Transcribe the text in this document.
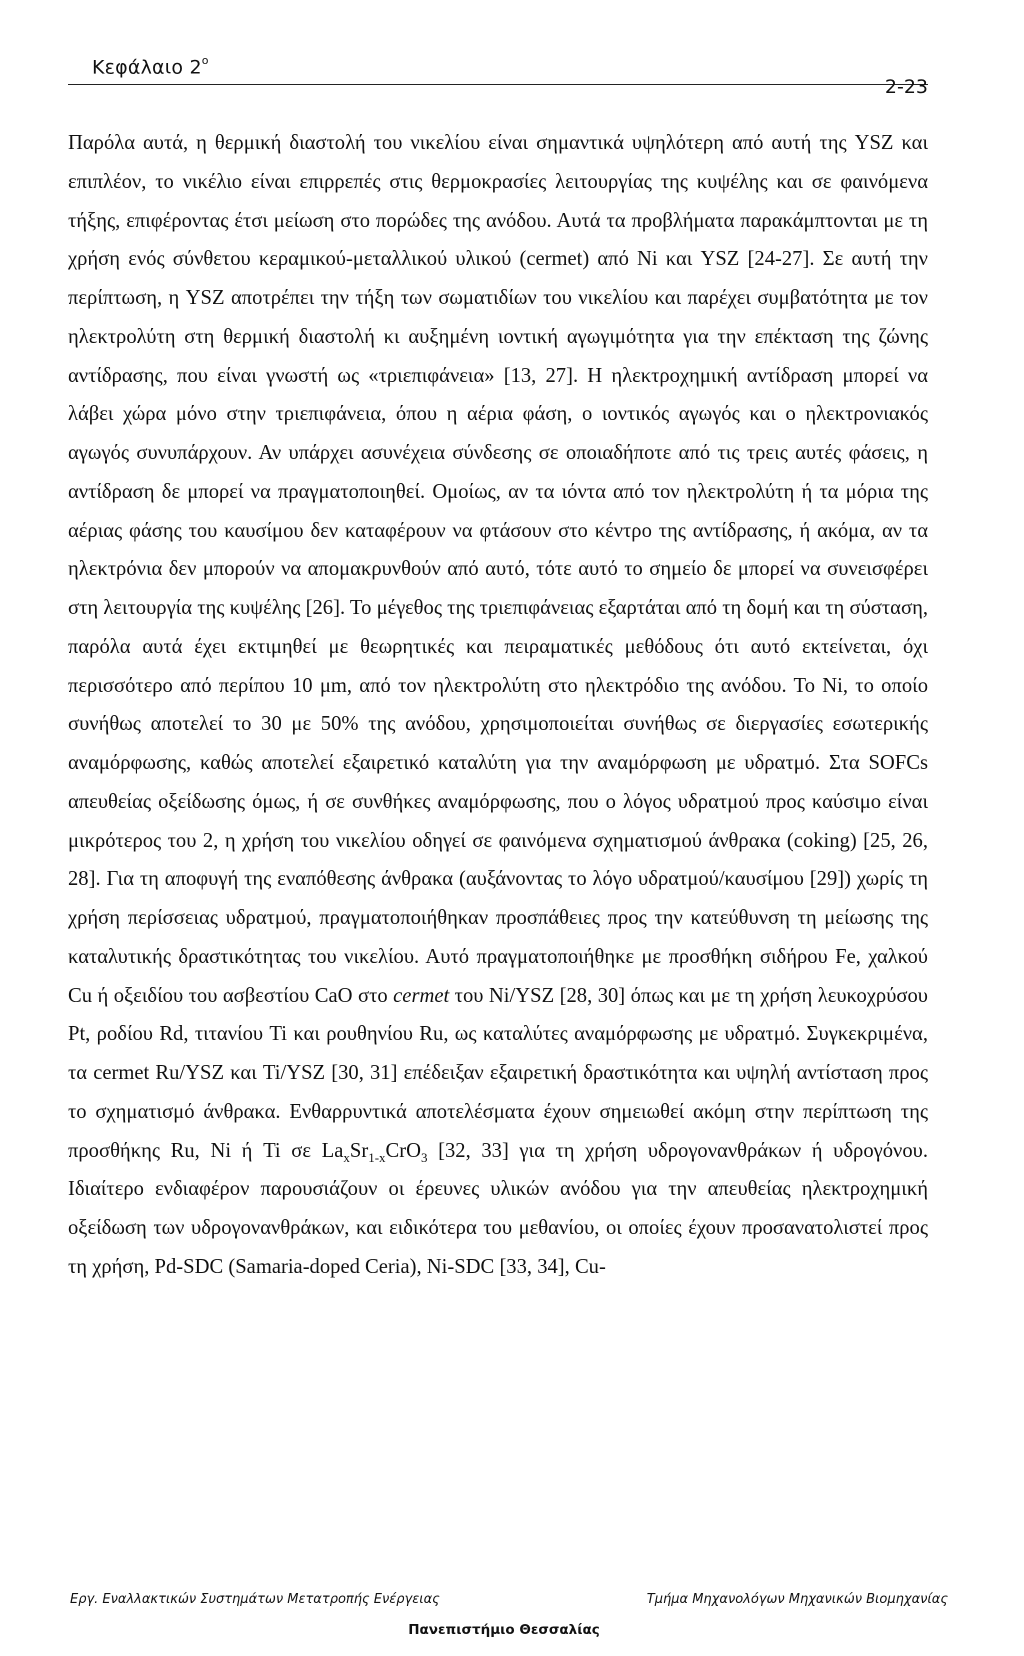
Κεφάλαιο $2^o$
2-23

Παρόλα αυτά, η θερμική διαστολή του νικελίου είναι σημαντικά υψηλότερη από αυτή της YSZ και επιπλέον, το νικέλιο είναι επιρρεπές στις θερμοκρασίες λειτουργίας της κυψέλης και σε φαινόμενα τήξης, επιφέροντας έτσι μείωση στο πορώδες της ανόδου. Αυτά τα προβλήματα παρακάμπτονται με τη χρήση ενός σύνθετου κεραμικού-μεταλλικού υλικού (cermet) από Ni και YSZ [24-27]. Σε αυτή την περίπτωση, η YSZ αποτρέπει την τήξη των σωματιδίων του νικελίου και παρέχει συμβατότητα με τον ηλεκτρολύτη στη θερμική διαστολή κι αυξημένη ιοντική αγωγιμότητα για την επέκταση της ζώνης αντίδρασης, που είναι γνωστή ως «τριεπιφάνεια» [13, 27]. Η ηλεκτροχημική αντίδραση μπορεί να λάβει χώρα μόνο στην τριεπιφάνεια, όπου η αέρια φάση, ο ιοντικός αγωγός και ο ηλεκτρονιακός αγωγός συνυπάρχουν. Αν υπάρχει ασυνέχεια σύνδεσης σε οποιαδήποτε από τις τρεις αυτές φάσεις, η αντίδραση δε μπορεί να πραγματοποιηθεί. Ομοίως, αν τα ιόντα από τον ηλεκτρολύτη ή τα μόρια της αέριας φάσης του καυσίμου δεν καταφέρουν να φτάσουν στο κέντρο της αντίδρασης, ή ακόμα, αν τα ηλεκτρόνια δεν μπορούν να απομακρυνθούν από αυτό, τότε αυτό το σημείο δε μπορεί να συνεισφέρει στη λειτουργία της κυψέλης [26]. Το μέγεθος της τριεπιφάνειας εξαρτάται από τη δομή και τη σύσταση, παρόλα αυτά έχει εκτιμηθεί με θεωρητικές και πειραματικές μεθόδους ότι αυτό εκτείνεται, όχι περισσότερο από περίπου 10 μm, από τον ηλεκτρολύτη στο ηλεκτρόδιο της ανόδου. Το Ni, το οποίο συνήθως αποτελεί το 30 με 50% της ανόδου, χρησιμοποιείται συνήθως σε διεργασίες εσωτερικής αναμόρφωσης, καθώς αποτελεί εξαιρετικό καταλύτη για την αναμόρφωση με υδρατμό. Στα SOFCs απευθείας οξείδωσης όμως, ή σε συνθήκες αναμόρφωσης, που ο λόγος υδρατμού προς καύσιμο είναι μικρότερος του 2, η χρήση του νικελίου οδηγεί σε φαινόμενα σχηματισμού άνθρακα (coking) [25, 26, 28]. Για τη αποφυγή της εναπόθεσης άνθρακα (αυξάνοντας το λόγο υδρατμού/καυσίμου [29]) χωρίς τη χρήση περίσσειας υδρατμού, πραγματοποιήθηκαν προσπάθειες προς την κατεύθυνση τη μείωσης της καταλυτικής δραστικότητας του νικελίου. Αυτό πραγματοποιήθηκε με προσθήκη σιδήρου Fe, χαλκού Cu ή οξειδίου του ασβεστίου CaO στο cermet του Ni/YSZ [28, 30] όπως και με τη χρήση λευκοχρύσου Pt, ροδίου Rd, τιτανίου Ti και ρουθηνίου Ru, ως καταλύτες αναμόρφωσης με υδρατμό. Συγκεκριμένα, τα cermet Ru/YSZ και Ti/YSZ [30, 31] επέδειξαν εξαιρετική δραστικότητα και υψηλή αντίσταση προς το σχηματισμό άνθρακα. Ενθαρρυντικά αποτελέσματα έχουν σημειωθεί ακόμη στην περίπτωση της προσθήκης Ru, Ni ή Ti σε $La_xSr_{1-x}CrO_3$ [32, 33] για τη χρήση υδρογονανθράκων ή υδρογόνου. Ιδιαίτερο ενδιαφέρον παρουσιάζουν οι έρευνες υλικών ανόδου για την απευθείας ηλεκτροχημική οξείδωση των υδρογονανθράκων, και ειδικότερα του μεθανίου, οι οποίες έχουν προσανατολιστεί προς τη χρήση, Pd-SDC (Samaria-doped Ceria), Ni-SDC [33, 34], Cu-

Εργ. Εναλλακτικών Συστημάτων Μετατροπής Ενέργειας	Τμήμα Μηχανολόγων Μηχανικών Βιομηχανίας
Πανεπιστήμιο Θεσσαλίας
